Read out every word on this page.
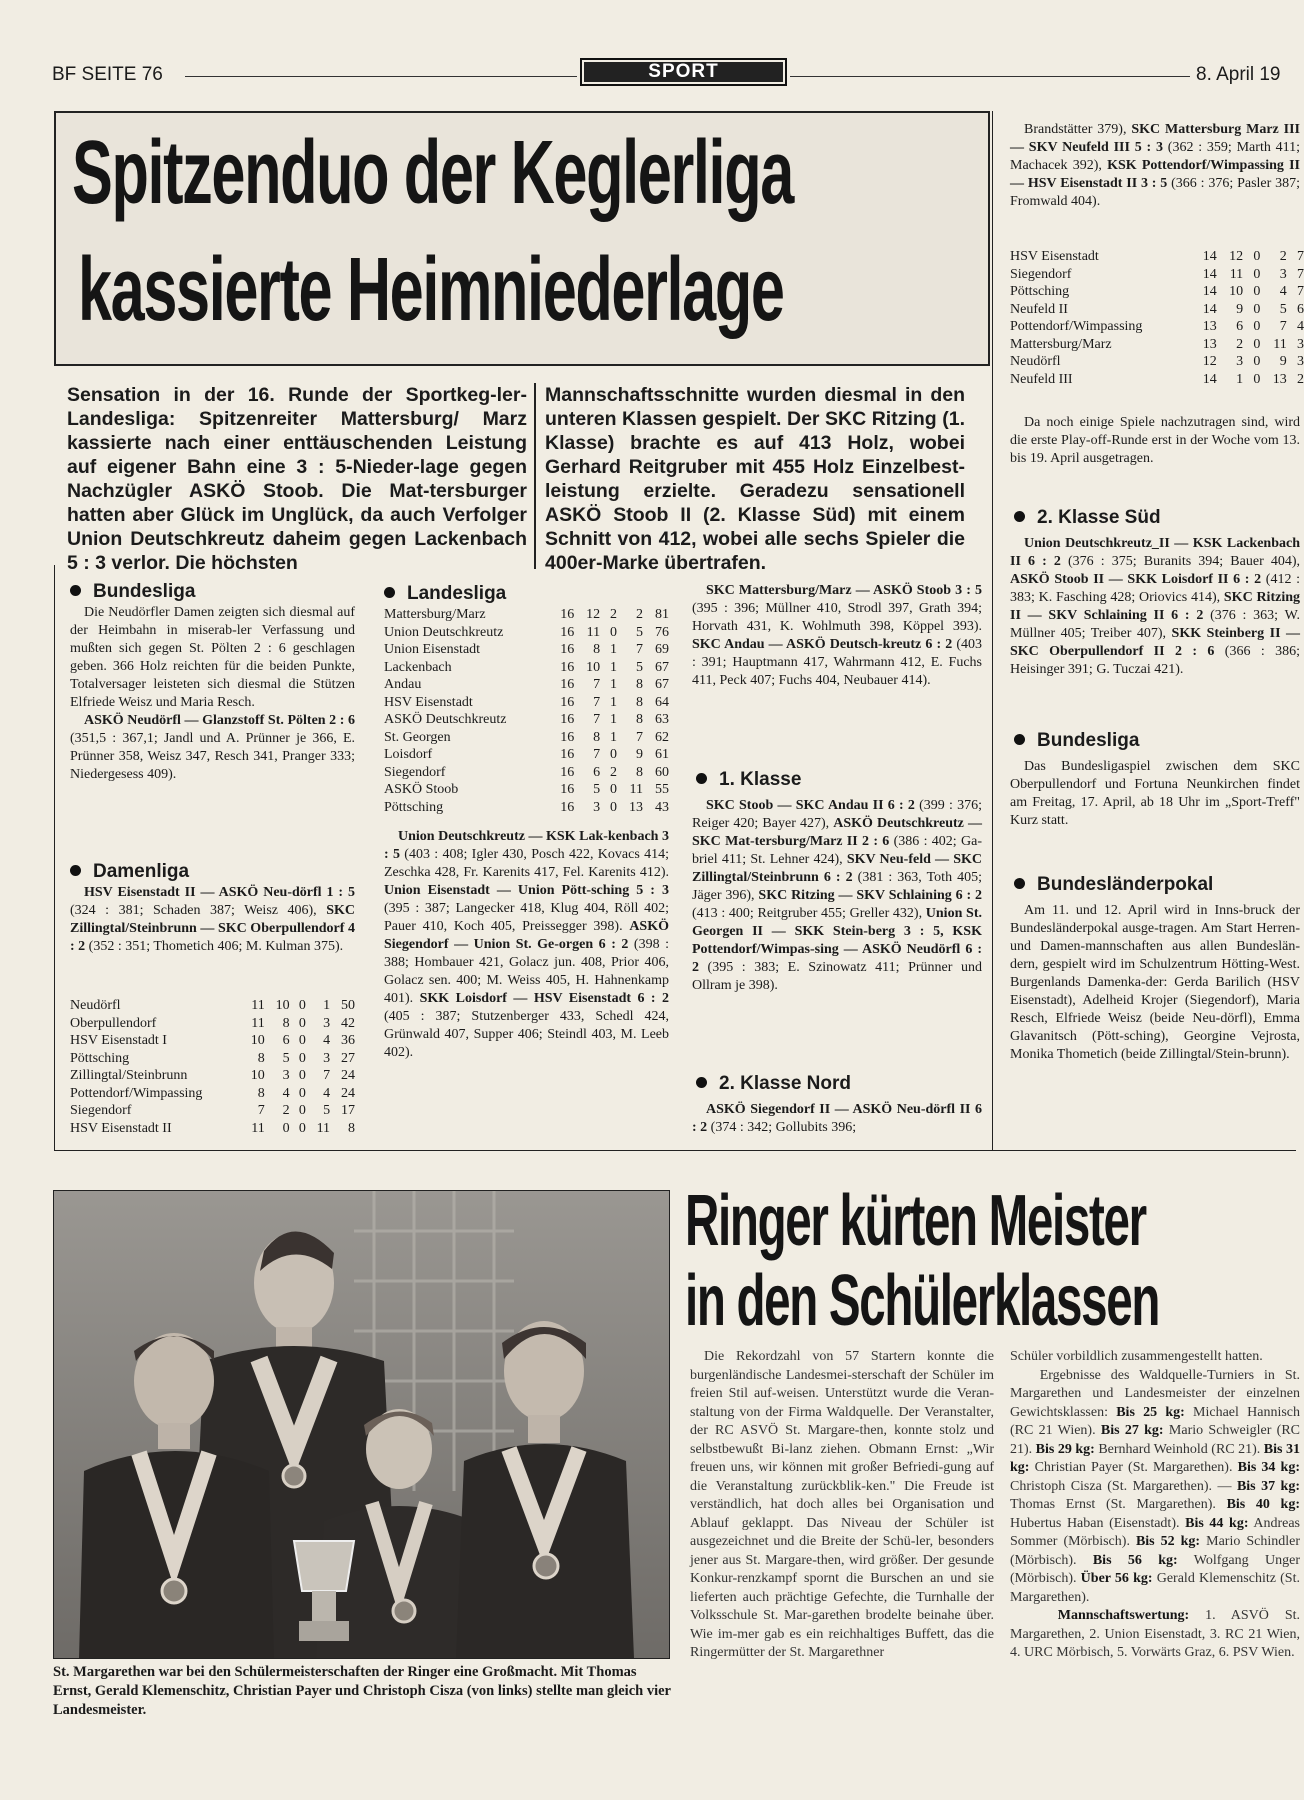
BF SEITE 76	SPORT	8. April 19
Spitzenduo der Keglerliga
kassierte Heimniederlage
Sensation in der 16. Runde der Sportkeg-ler-Landesliga: Spitzenreiter Mattersburg/ Marz kassierte nach einer enttäuschenden Leistung auf eigener Bahn eine 3 : 5-Nieder-lage gegen Nachzügler ASKÖ Stoob. Die Mat-tersburger hatten aber Glück im Unglück, da auch Verfolger Union Deutschkreutz daheim gegen Lackenbach 5 : 3 verlor. Die höchsten
Mannschaftsschnitte wurden diesmal in den unteren Klassen gespielt. Der SKC Ritzing (1. Klasse) brachte es auf 413 Holz, wobei Gerhard Reitgruber mit 455 Holz Einzelbest-leistung erzielte. Geradezu sensationell ASKÖ Stoob II (2. Klasse Süd) mit einem Schnitt von 412, wobei alle sechs Spieler die 400er-Marke übertrafen.
Bundesliga

Die Neudörfler Damen zeigten sich diesmal auf der Heimbahn in miserab-ler Verfassung und mußten sich gegen St. Pölten 2 : 6 geschlagen geben. 366 Holz reichten für die beiden Punkte, Totalversager leisteten sich diesmal die Stützen Elfriede Weisz und Maria Resch.

ASKÖ Neudörfl — Glanzstoff St. Pölten 2 : 6 (351,5 : 367,1; Jandl und A. Prünner je 366, E. Prünner 358, Weisz 347, Resch 341, Pranger 333; Niedergesess 409).

Damenliga

HSV Eisenstadt II — ASKÖ Neu-dörfl 1 : 5 (324 : 381; Schaden 387; Weisz 406), SKC Zillingtal/Steinbrunn — SKC Oberpullendorf 4 : 2 (352 : 351; Thometich 406; M. Kulman 375).

Neudörfl	11	10	0	1	50
Oberpullendorf	11	8	0	3	42
HSV Eisenstadt I	10	6	0	4	36
Pöttsching	8	5	0	3	27
Zillingtal/Steinbrunn	10	3	0	7	24
Pottendorf/Wimpassing	8	4	0	4	24
Siegendorf	7	2	0	5	17
HSV Eisenstadt II	11	0	0	11	8
Landesliga
Mattersburg/Marz	16	12	2	2	81
Union Deutschkreutz	16	11	0	5	76
Union Eisenstadt	16	8	1	7	69
Lackenbach	16	10	1	5	67
Andau	16	7	1	8	67
HSV Eisenstadt	16	7	1	8	64
ASKÖ Deutschkreutz	16	7	1	8	63
St. Georgen	16	8	1	7	62
Loisdorf	16	7	0	9	61
Siegendorf	16	6	2	8	60
ASKÖ Stoob	16	5	0	11	55
Pöttsching	16	3	0	13	43

Union Deutschkreutz — KSK Lak-kenbach 3 : 5 (403 : 408; Igler 430, Posch 422, Kovacs 414; Zeschka 428, Fr. Karenits 417, Fel. Karenits 412). Union Eisenstadt — Union Pött-sching 5 : 3 (395 : 387; Langecker 418, Klug 404, Röll 402; Pauer 410, Koch 405, Preissegger 398). ASKÖ Siegendorf — Union St. Ge-orgen 6 : 2 (398 : 388; Hombauer 421, Golacz jun. 408, Prior 406, Golacz sen. 400; M. Weiss 405, H. Hahnenkamp 401). SKK Loisdorf — HSV Eisenstadt 6 : 2 (405 : 387; Stutzenberger 433, Schedl 424, Grünwald 407, Supper 406; Steindl 403, M. Leeb 402).

SKC Mattersburg/Marz — ASKÖ Stoob 3 : 5 (395 : 396; Müllner 410, Strodl 397, Grath 394; Horvath 431, K. Wohlmuth 398, Köppel 393). SKC Andau — ASKÖ Deutsch-kreutz 6 : 2 (403 : 391; Hauptmann 417, Wahrmann 412, E. Fuchs 411, Peck 407; Fuchs 404, Neubauer 414).

1. Klasse

SKC Stoob — SKC Andau II 6 : 2 (399 : 376; Reiger 420; Bayer 427), ASKÖ Deutschkreutz — SKC Mat-tersburg/Marz II 2 : 6 (386 : 402; Ga-briel 411; St. Lehner 424), SKV Neu-feld — SKC Zillingtal/Steinbrunn 6 : 2 (381 : 363, Toth 405; Jäger 396), SKC Ritzing — SKV Schlaining 6 : 2 (413 : 400; Reitgruber 455; Greller 432), Union St. Georgen II — SKK Stein-berg 3 : 5, KSK Pottendorf/Wimpas-sing — ASKÖ Neudörfl 6 : 2 (395 : 383; E. Szinowatz 411; Prünner und Ollram je 398).

2. Klasse Nord

ASKÖ Siegendorf II — ASKÖ Neu-dörfl II 6 : 2 (374 : 342; Gollubits 396;

Brandstätter 379), SKC Mattersburg Marz III — SKV Neufeld III 5 : 3 (362 : 359; Marth 411; Machacek 392), KSK Pottendorf/Wimpassing II — HSV Eisenstadt II 3 : 5 (366 : 376; Pasler 387; Fromwald 404).

HSV Eisenstadt	14	12	0	2	7
Siegendorf	14	11	0	3	7
Pöttsching	14	10	0	4	7
Neufeld II	14	9	0	5	6
Pottendorf/Wimpassing	13	6	0	7	4
Mattersburg/Marz	13	2	0	11	3
Neudörfl	12	3	0	9	3
Neufeld III	14	1	0	13	2

Da noch einige Spiele nachzutragen sind, wird die erste Play-off-Runde erst in der Woche vom 13. bis 19. April ausgetragen.

2. Klasse Süd

Union Deutschkreutz_II — KSK Lackenbach II 6 : 2 (376 : 375; Buranits 394; Bauer 404), ASKÖ Stoob II — SKK Loisdorf II 6 : 2 (412 : 383; K. Fasching 428; Oriovics 414), SKC Ritzing II — SKV Schlaining II 6 : 2 (376 : 363; W. Müllner 405; Treiber 407), SKK Steinberg II — SKC Oberpullendorf II 2 : 6 (366 : 386; Heisinger 391; G. Tuczai 421).

Bundesliga

Das Bundesligaspiel zwischen dem SKC Oberpullendorf und Fortuna Neunkirchen findet am Freitag, 17. April, ab 18 Uhr im „Sport-Treff" Kurz statt.

Bundesländerpokal

Am 11. und 12. April wird in Inns-bruck der Bundesländerpokal ausge-tragen. Am Start Herren- und Damen-mannschaften aus allen Bundeslän-dern, gespielt wird im Schulzentrum Hötting-West. Burgenlands Damenka-der: Gerda Barilich (HSV Eisenstadt), Adelheid Krojer (Siegendorf), Maria Resch, Elfriede Weisz (beide Neu-dörfl), Emma Glavanitsch (Pött-sching), Georgine Vejrosta, Monika Thometich (beide Zillingtal/Stein-brunn).

St. Margarethen war bei den Schülermeisterschaften der Ringer eine Großmacht. Mit Thomas Ernst, Gerald Klemenschitz, Christian Payer und Christoph Cisza (von links) stellte man gleich vier Landesmeister.
Ringer kürten Meister
in den Schülerklassen

Die Rekordzahl von 57 Startern konnte die burgenländische Landesmei-sterschaft der Schüler im freien Stil auf-weisen. Unterstützt wurde die Veran-staltung von der Firma Waldquelle. Der Veranstalter, der RC ASVÖ St. Margare-then, konnte stolz und selbstbewußt Bi-lanz ziehen. Obmann Ernst: „Wir freuen uns, wir können mit großer Befriedi-gung auf die Veranstaltung zurückblik-ken." Die Freude ist verständlich, hat doch alles bei Organisation und Ablauf geklappt. Das Niveau der Schüler ist ausgezeichnet und die Breite der Schü-ler, besonders jener aus St. Margare-then, wird größer. Der gesunde Konkur-renzkampf spornt die Burschen an und sie lieferten auch prächtige Gefechte, die Turnhalle der Volksschule St. Mar-garethen brodelte beinahe über. Wie im-mer gab es ein reichhaltiges Buffett, das die Ringermütter der St. Margarethner

Schüler vorbildlich zusammengestellt hatten.
Ergebnisse des Waldquelle-Turniers in St. Margarethen und Landesmeister der einzelnen Gewichtsklassen: Bis 25 kg: Michael Hannisch (RC 21 Wien). Bis 27 kg: Mario Schweigler (RC 21). Bis 29 kg: Bernhard Weinhold (RC 21). Bis 31 kg: Christian Payer (St. Margarethen). Bis 34 kg: Christoph Cisza (St. Margarethen). — Bis 37 kg: Thomas Ernst (St. Margarethen). Bis 40 kg: Hubertus Haban (Eisenstadt). Bis 44 kg: Andreas Sommer (Mörbisch). Bis 52 kg: Mario Schindler (Mörbisch). Bis 56 kg: Wolfgang Unger (Mörbisch). Über 56 kg: Gerald Klemenschitz (St. Margarethen).
Mannschaftswertung: 1. ASVÖ St. Margarethen, 2. Union Eisenstadt, 3. RC 21 Wien, 4. URC Mörbisch, 5. Vorwärts Graz, 6. PSV Wien.
